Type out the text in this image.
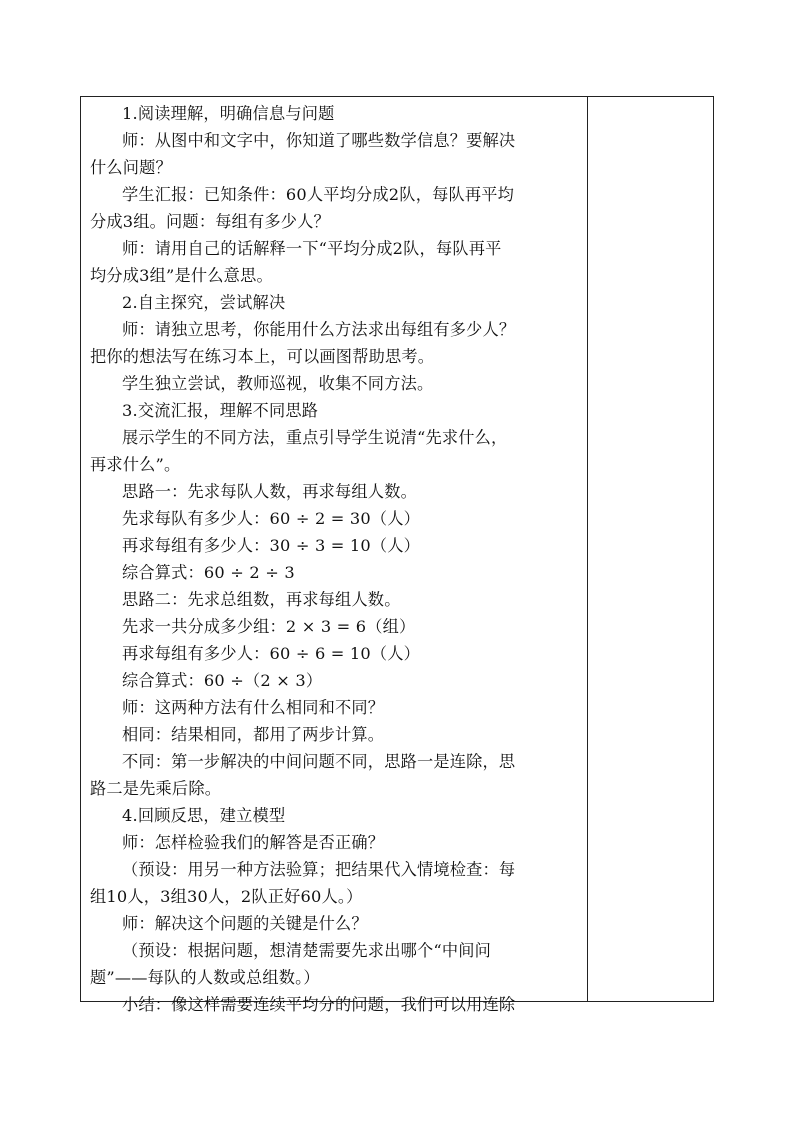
1.阅读理解，明确信息与问题

师：从图中和文字中，你知道了哪些数学信息？要解决

什么问题？

学生汇报：已知条件：60人平均分成2队，每队再平均

分成3组。问题：每组有多少人？

师：请用自己的话解释一下“平均分成2队，每队再平

均分成3组”是什么意思。

2.自主探究，尝试解决

师：请独立思考，你能用什么方法求出每组有多少人？

把你的想法写在练习本上，可以画图帮助思考。

学生独立尝试，教师巡视，收集不同方法。

3.交流汇报，理解不同思路

展示学生的不同方法，重点引导学生说清“先求什么，

再求什么”。

思路一：先求每队人数，再求每组人数。

先求每队有多少人：60 ÷ 2 = 30（人）

再求每组有多少人：30 ÷ 3 = 10（人）

综合算式：60 ÷ 2 ÷ 3

思路二：先求总组数，再求每组人数。

先求一共分成多少组：2 × 3 = 6（组）

再求每组有多少人：60 ÷ 6 = 10（人）

综合算式：60 ÷（2 × 3）

师：这两种方法有什么相同和不同？

相同：结果相同，都用了两步计算。

不同：第一步解决的中间问题不同，思路一是连除，思

路二是先乘后除。

4.回顾反思，建立模型

师：怎样检验我们的解答是否正确？

（预设：用另一种方法验算；把结果代入情境检查：每

组10人，3组30人，2队正好60人。）

师：解决这个问题的关键是什么？

（预设：根据问题，想清楚需要先求出哪个“中间问

题”——每队的人数或总组数。）

小结：像这样需要连续平均分的问题，我们可以用连除
